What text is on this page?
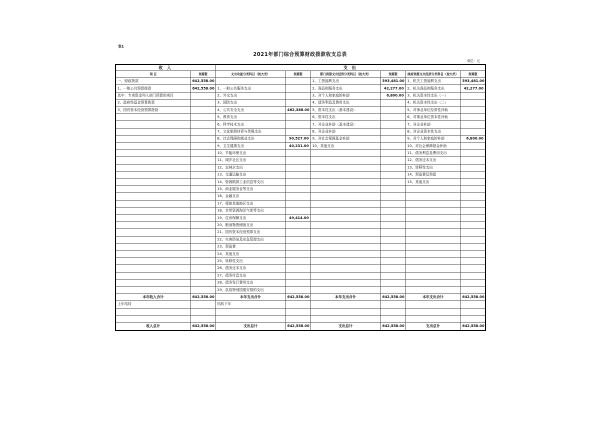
表1
2021年部门综合预算财政拨款收支总表
单位：元
收 入		支 出					
项 目	预算数	支出功能分类科目（按大类）	预算数	部门预算支出经济分类科目（按大类）	预算数	政府预算支出经济分类科目（按大类）	预算数
一、财政拨款	642,558.00			1、工资福利支出	593,481.00	1、机关工资福利支出	593,481.00
1、一般公共预算拨款	642,558.00	1、一般公共服务支出		2、商品和服务支出	42,277.00	2、机关商品和服务支出	42,277.00
其中：专项资金列入部门预算的项目		2、外交支出		3、对个人和家庭的补助	6,800.00	3、机关资本性支出（一）	
2、政府性基金预算拨款		3、国防支出		4、债务利息及费用支出		4、机关资本性支出（二）	
3、国有资本经营预算拨款		4、公共安全支出	462,386.00	5、资本性支出（基本建设）		5、对事业单位经常性补助	
		5、教育支出		6、资本性支出		6、对事业单位资本性补助	
		6、科学技术支出		7、对企业补助（基本建设）		7、对企业补助	
		7、文化旅游体育与传媒支出		8、对企业补助		8、对企业资本性支出	
		8、社会保障和就业支出	90,527.00	9、对社会保障基金补助		9、对个人和家庭的补助	6,800.00
		9、卫生健康支出	40,231.00	10、其他支出		10、对社会保障基金补助	
		10、节能环保支出				11、债务利息及费用支出	
		11、城乡社区支出				12、债务还本支出	
		12、农林水支出				13、转移性支出	
		13、交通运输支出				14、预备费及预留	
		14、资源勘探工业信息等支出				15、其他支出	
		15、商业服务业等支出					
		16、金融支出					
		17、援助其他地区支出					
		18、自然资源海洋气象等支出					
		19、住房保障支出	49,414.00				
		20、粮油物资储备支出					
		21、国有资本经营预算支出					
		22、灾害防治及应急管理支出					
		23、预备费					
		24、其他支出					
		25、转移性支出					
		26、债务还本支出					
		27、债务付息支出					
		28、债务发行费用支出					
		29、抗疫特别国债安排的支出					
本年收入合计	642,558.00	本年支出合计	642,558.00	本年支出合计	642,558.00	本年支出合计	642,558.00
上年结转		结转下年					

收入总计	642,558.00	支出总计	642,558.00	支出总计	642,558.00	支出总计	642,558.00
